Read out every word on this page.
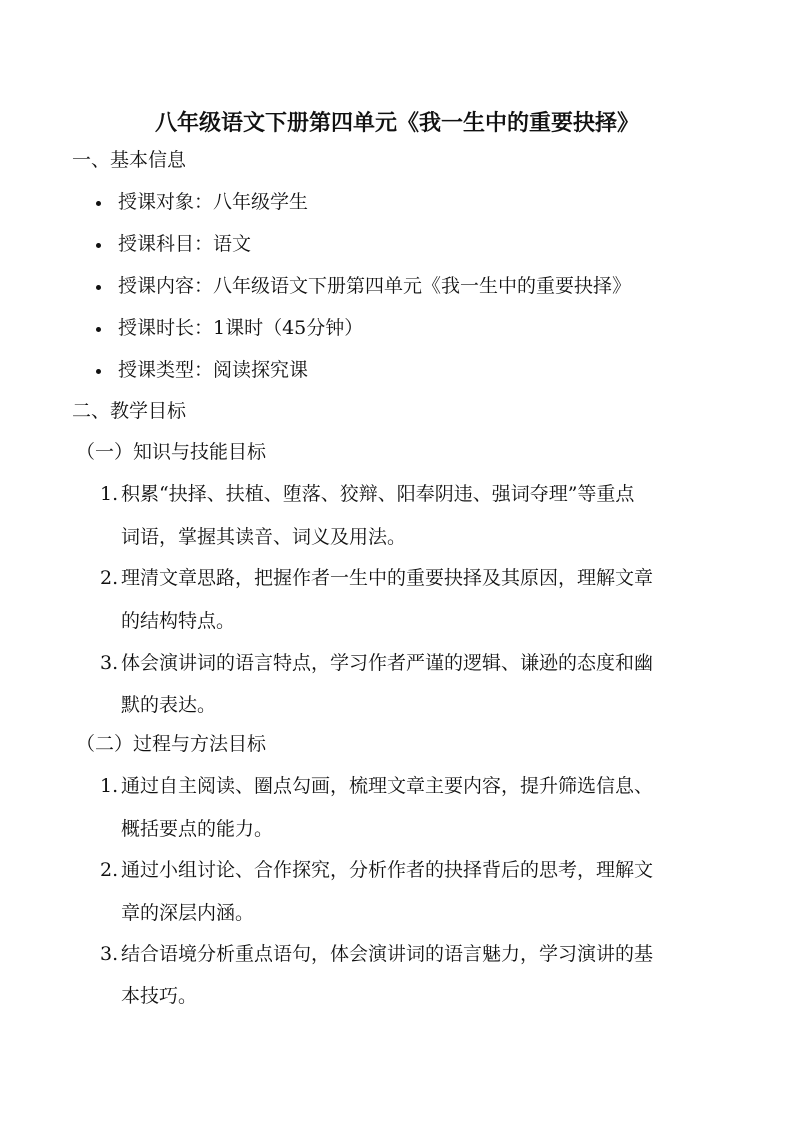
八年级语文下册第四单元《我一生中的重要抉择》
一、基本信息
授课对象：八年级学生
授课科目：语文
授课内容：八年级语文下册第四单元《我一生中的重要抉择》
授课时长：1课时（45分钟）
授课类型：阅读探究课
二、教学目标
（一）知识与技能目标
1. 积累“抉择、扶植、堕落、狡辩、阳奉阴违、强词夺理”等重点
词语，掌握其读音、词义及用法。
2. 理清文章思路，把握作者一生中的重要抉择及其原因，理解文章
的结构特点。
3. 体会演讲词的语言特点，学习作者严谨的逻辑、谦逊的态度和幽
默的表达。
（二）过程与方法目标
1. 通过自主阅读、圈点勾画，梳理文章主要内容，提升筛选信息、
概括要点的能力。
2. 通过小组讨论、合作探究，分析作者的抉择背后的思考，理解文
章的深层内涵。
3. 结合语境分析重点语句，体会演讲词的语言魅力，学习演讲的基
本技巧。
